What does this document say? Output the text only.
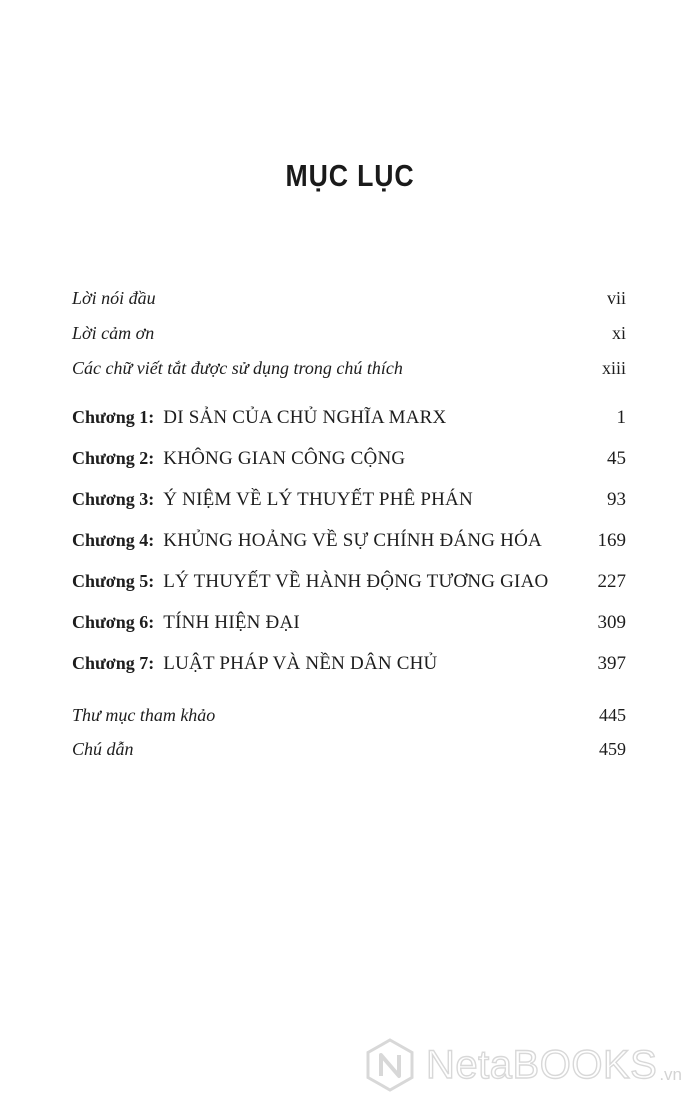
MỤC LỤC
Lời nói đầu	vii
Lời cảm ơn	xi
Các chữ viết tắt được sử dụng trong chú thích	xiii
Chương 1: DI SẢN CỦA CHỦ NGHĨA MARX	1
Chương 2: KHÔNG GIAN CÔNG CỘNG	45
Chương 3: Ý NIỆM VỀ LÝ THUYẾT PHÊ PHÁN	93
Chương 4: KHỦNG HOẢNG VỀ SỰ CHÍNH ĐÁNG HÓA	169
Chương 5: LÝ THUYẾT VỀ HÀNH ĐỘNG TƯƠNG GIAO	227
Chương 6: TÍNH HIỆN ĐẠI	309
Chương 7: LUẬT PHÁP VÀ NỀN DÂN CHỦ	397
Thư mục tham khảo	445
Chú dẫn	459
NetaBOOKS .vn
